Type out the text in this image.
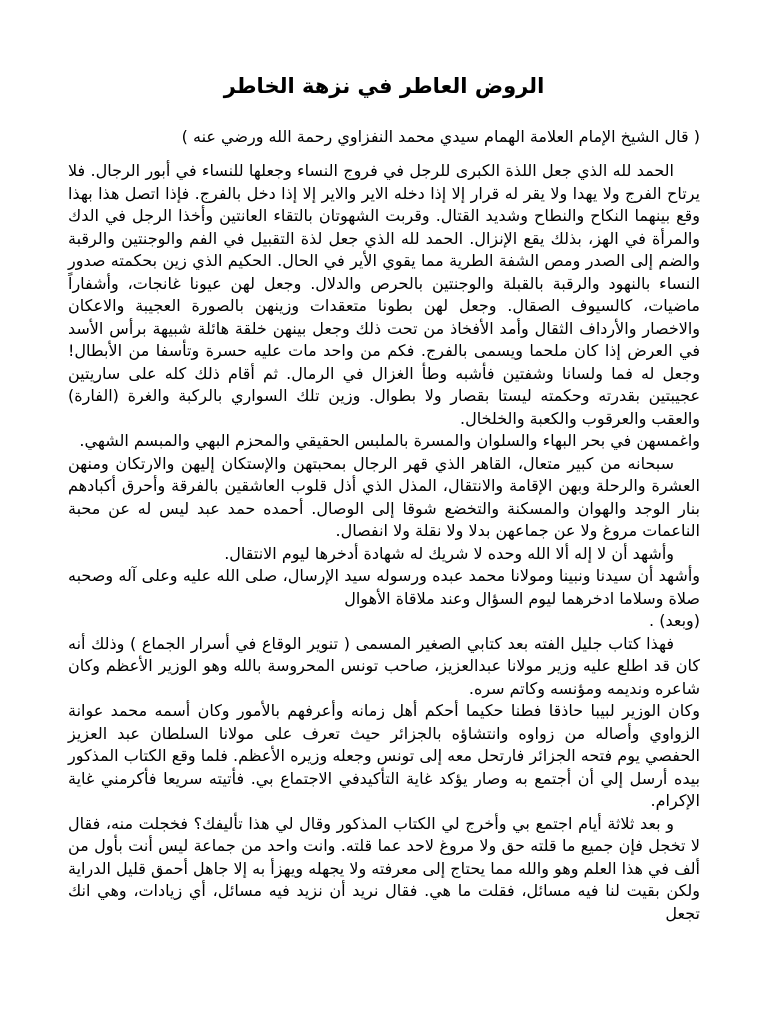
الروض العاطر في نزهة الخاطر

( قال الشيخ الإمام العلامة الهمام سيدي محمد النفزاوي رحمة الله ورضي عنه )

الحمد لله الذي جعل اللذة الكبرى للرجل في فروج النساء وجعلها للنساء في أبور الرجال. فلا يرتاح الفرج ولا يهدا ولا يقر له قرار إلا إذا دخله الاير والاير إلا إذا دخل بالفرج. فإذا اتصل هذا بهذا وقع بينهما النكاح والنطاح وشديد القتال. وقربت الشهوتان بالتقاء العانتين وأخذا الرجل في الدك والمرأة في الهز، بذلك يقع الإنزال. الحمد لله الذي جعل لذة التقبيل في الفم والوجنتين والرقبة والضم إلى الصدر ومص الشفة الطرية مما يقوي الأير في الحال. الحكيم الذي زين بحكمته صدور النساء بالنهود والرقبة بالقبلة والوجنتين بالحرص والدلال. وجعل لهن عيونا غانجات، وأشفاراً ماضيات، كالسيوف الصقال. وجعل لهن بطونا متعقدات وزينهن بالصورة العجيبة والاعكان والاخصار والأرداف الثقال وأمد الأفخاذ من تحت ذلك وجعل بينهن خلقة هائلة شبيهة برأس الأسد في العرض إذا كان ملحما ويسمى بالفرج. فكم من واحد مات عليه حسرة وتأسفا من الأبطال! وجعل له فما ولسانا وشفتين فأشبه وطأ الغزال في الرمال. ثم أقام ذلك كله على ساريتين عجيبتين بقدرته وحكمته ليستا بقصار ولا بطوال. وزين تلك السواري بالركبة والغرة (الفارة) والعقب والعرقوب والكعبة والخلخال.

واغمسهن في بحر البهاء والسلوان والمسرة بالملبس الحقيقي والمحزم البهي والمبسم الشهي.

سبحانه من كبير متعال، القاهر الذي قهر الرجال بمحبتهن والإستكان إليهن والارتكان ومنهن العشرة والرحلة وبهن الإقامة والانتقال، المذل الذي أذل قلوب العاشقين بالفرقة وأحرق أكبادهم بنار الوجد والهوان والمسكنة والتخضع شوقا إلى الوصال. أحمده حمد عبد ليس له عن محبة الناعمات مروغ ولا عن جماعهن بدلا ولا نقلة ولا انفصال.

وأشهد أن لا إله ألا الله وحده لا شريك له شهادة أدخرها ليوم الانتقال.

وأشهد أن سيدنا ونبينا ومولانا محمد عبده ورسوله سيد الإرسال، صلى الله عليه وعلى آله وصحبه صلاة وسلاما ادخرهما ليوم السؤال وعند ملاقاة الأهوال

(وبعد) .

فهذا كتاب جليل الفته بعد كتابي الصغير المسمى ( تنوير الوقاع في أسرار الجماع ) وذلك أنه كان قد اطلع عليه وزير مولانا عبدالعزيز، صاحب تونس المحروسة بالله وهو الوزير الأعظم وكان شاعره ونديمه ومؤنسه وكاتم سره.

وكان الوزير لبيبا حاذقا فطنا حكيما أحكم أهل زمانه وأعرفهم بالأمور وكان أسمه محمد عوانة الزواوي وأصاله من زواوه وانتشاؤه بالجزائر حيث تعرف على مولانا السلطان عبد العزيز الحفصي يوم فتحه الجزائر فارتحل معه إلى تونس وجعله وزيره الأعظم. فلما وقع الكتاب المذكور بيده أرسل إلي أن أجتمع به وصار يؤكد غاية التأكيدفي الاجتماع بي. فأتيته سريعا فأكرمني غاية الإكرام.

و بعد ثلاثة أيام اجتمع بي وأخرج لي الكتاب المذكور وقال لي هذا تأليفك؟ فخجلت منه، فقال لا تخجل فإن جميع ما قلته حق ولا مروغ لاحد عما قلته. وانت واحد من جماعة ليس أنت بأول من ألف في هذا العلم وهو والله مما يحتاج إلى معرفته ولا يجهله ويهزأ به إلا جاهل أحمق قليل الدراية ولكن بقيت لنا فيه مسائل، فقلت ما هي. فقال نريد أن نزيد فيه مسائل، أي زيادات، وهي انك تجعل
